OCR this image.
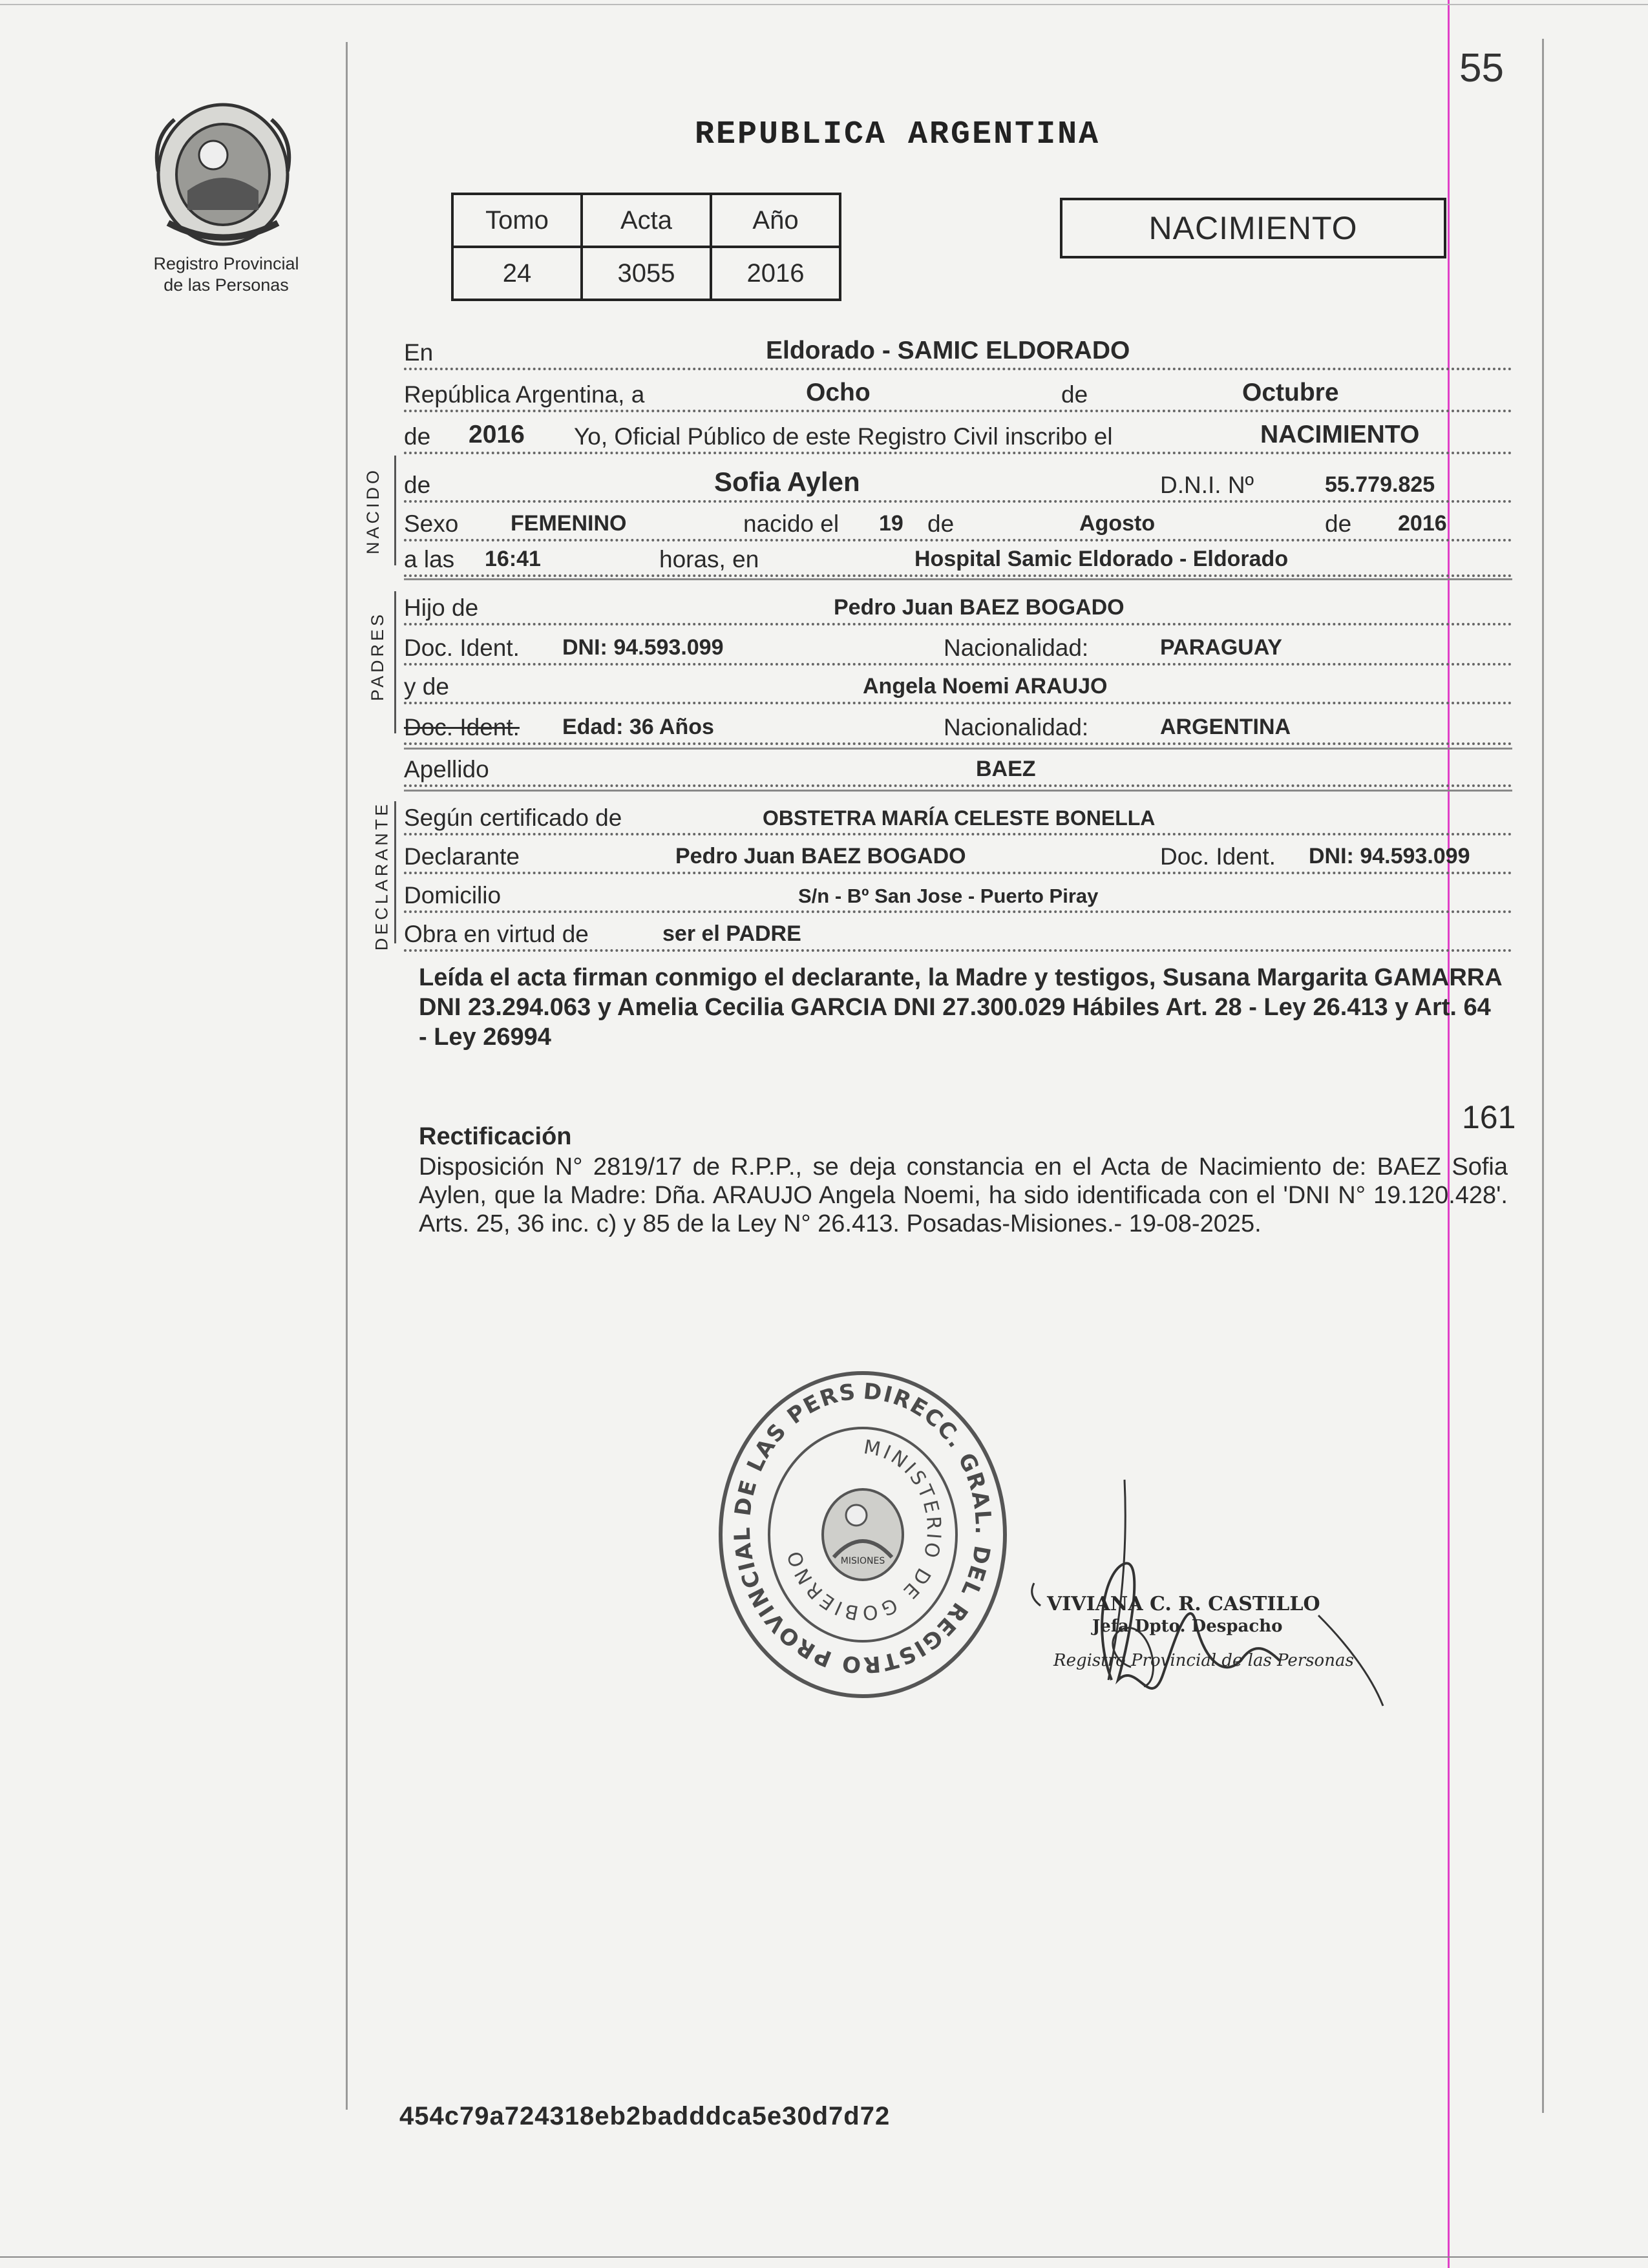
55
Registro Provincial
de las Personas
REPUBLICA ARGENTINA
Tomo	Acta	Año
24	3055	2016
NACIMIENTO
En	Eldorado - SAMIC ELDORADO
República Argentina, a	Ocho	de	Octubre
de 2016 Yo, Oficial Público de este Registro Civil inscribo el	NACIMIENTO
NACIDO de	Sofia Aylen	D.N.I. Nº	55.779.825
Sexo FEMENINO	nacido el 19 de	Agosto	de 2016
a las 16:41	horas, en	Hospital Samic Eldorado - Eldorado
PADRES
Hijo de	Pedro Juan BAEZ BOGADO
Doc. Ident. DNI: 94.593.099	Nacionalidad:	PARAGUAY
y de	Angela Noemi ARAUJO
Doc. Ident. Edad: 36 Años	Nacionalidad:	ARGENTINA
Apellido	BAEZ
DECLARANTE Según certificado de	OBSTETRA MARÍA CELESTE BONELLA
Declarante	Pedro Juan BAEZ BOGADO	Doc. Ident. DNI: 94.593.099
Domicilio	S/n - Bº San Jose - Puerto Piray
Obra en virtud de	ser el PADRE
Leída el acta firman conmigo el declarante, la Madre y testigos, Susana Margarita GAMARRA DNI 23.294.063 y Amelia Cecilia GARCIA DNI 27.300.029 Hábiles Art. 28 - Ley 26.413 y Art. 64 - Ley 26994
161
Rectificación
Disposición N° 2819/17 de R.P.P., se deja constancia en el Acta de Nacimiento de: BAEZ Sofia Aylen, que la Madre: Dña. ARAUJO Angela Noemi, ha sido identificada con el 'DNI N° 19.120.428'. Arts. 25, 36 inc. c) y 85 de la Ley N° 26.413. Posadas-Misiones.- 19-08-2025.
DIRECC. GRAL. DEL REGISTRO PROVINCIAL DE LAS PERS
MINISTERIO DE GOBIERNO	MISIONES
VIVIANA C. R. CASTILLO
Jefa Dpto. Despacho
Registro Provincial de las Personas
454c79a724318eb2badddca5e30d7d72
